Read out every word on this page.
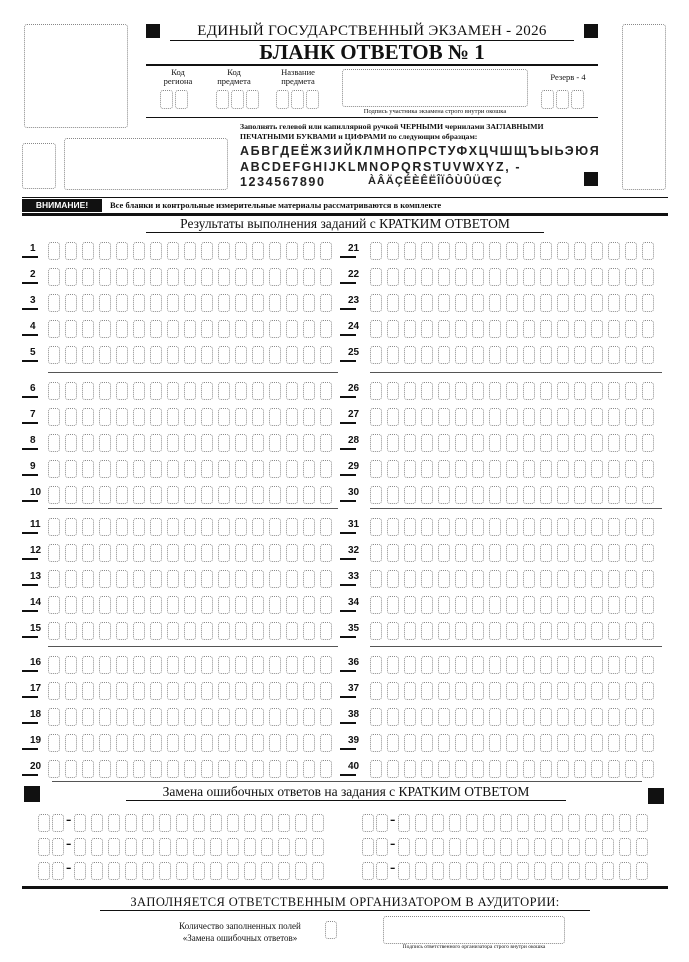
ЕДИНЫЙ ГОСУДАРСТВЕННЫЙ ЭКЗАМЕН - 2026
БЛАНК ОТВЕТОВ № 1
Код
региона
Код
предмета
Название
предмета
Подпись участника экзамена строго внутри окошка
Резерв - 4
Заполнять гелевой или капиллярной ручкой ЧЕРНЫМИ чернилами ЗАГЛАВНЫМИ ПЕЧАТНЫМИ БУКВАМИ и ЦИФРАМИ по следующим образцам:
АБВГДЕЁЖЗИЙКЛМНОПРСТУФХЦЧШЩЪЫЬЭЮЯ
ABCDEFGHIJKLMNOPQRSTUVWXYZ, -
1234567890	ÀÂÄÇÉÈÊËÎÏÔÙÛÜŒÇ
ВНИМАНИЕ!	Все бланки и контрольные измерительные материалы рассматриваются в комплекте
Результаты выполнения заданий с КРАТКИМ ОТВЕТОМ
1
2
3
4
5
6
7
8
9
10
11
12
13
14
15
16
17
18
19
20
21
22
23
24
25
26
27
28
29
30
31
32
33
34
35
36
37
38
39
40
Замена ошибочных ответов на задания с КРАТКИМ ОТВЕТОМ
-	-
-	-
-	-
ЗАПОЛНЯЕТСЯ ОТВЕТСТВЕННЫМ ОРГАНИЗАТОРОМ В АУДИТОРИИ:
Количество заполненных полей
«Замена ошибочных ответов»
Подпись ответственного организатора строго внутри окошка
